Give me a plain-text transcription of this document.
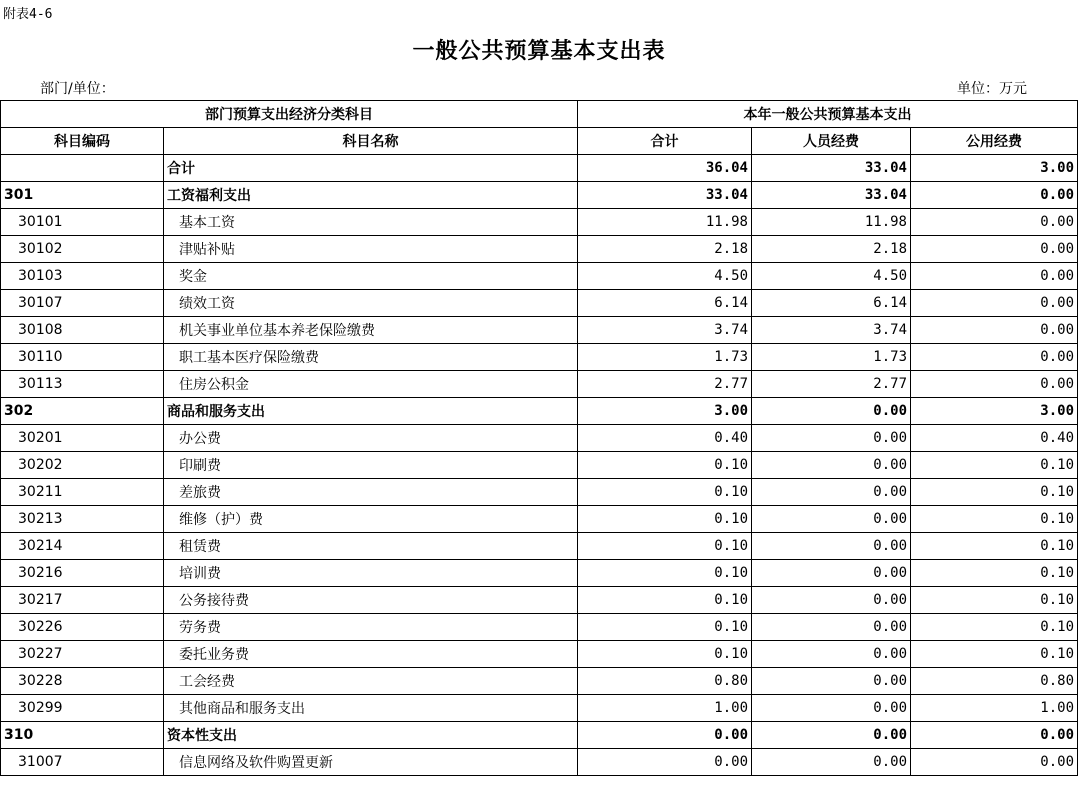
附表4-6
一般公共预算基本支出表
部门/单位：	单位：万元
部门预算支出经济分类科目		本年一般公共预算基本支出		
科目编码	科目名称	合计	人员经费	公用经费
	合计	36.04	33.04	3.00
301	工资福利支出	33.04	33.04	0.00
30101	基本工资	11.98	11.98	0.00
30102	津贴补贴	2.18	2.18	0.00
30103	奖金	4.50	4.50	0.00
30107	绩效工资	6.14	6.14	0.00
30108	机关事业单位基本养老保险缴费	3.74	3.74	0.00
30110	职工基本医疗保险缴费	1.73	1.73	0.00
30113	住房公积金	2.77	2.77	0.00
302	商品和服务支出	3.00	0.00	3.00
30201	办公费	0.40	0.00	0.40
30202	印刷费	0.10	0.00	0.10
30211	差旅费	0.10	0.00	0.10
30213	维修（护）费	0.10	0.00	0.10
30214	租赁费	0.10	0.00	0.10
30216	培训费	0.10	0.00	0.10
30217	公务接待费	0.10	0.00	0.10
30226	劳务费	0.10	0.00	0.10
30227	委托业务费	0.10	0.00	0.10
30228	工会经费	0.80	0.00	0.80
30299	其他商品和服务支出	1.00	0.00	1.00
310	资本性支出	0.00	0.00	0.00
31007	信息网络及软件购置更新	0.00	0.00	0.00
